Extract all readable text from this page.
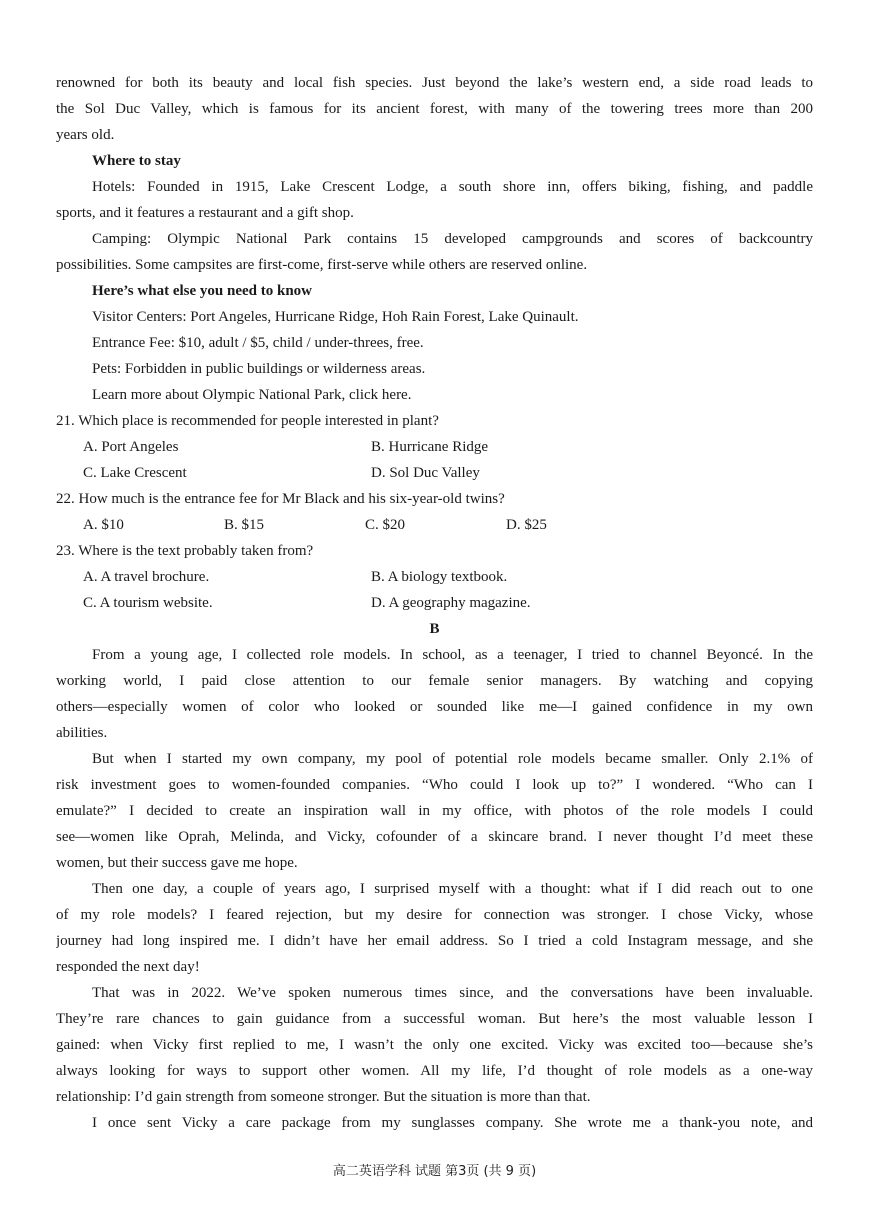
renowned for both its beauty and local fish species. Just beyond the lake’s western end, a side road leads to
the Sol Duc Valley, which is famous for its ancient forest, with many of the towering trees more than 200
years old.
Where to stay
Hotels: Founded in 1915, Lake Crescent Lodge, a south shore inn, offers biking, fishing, and paddle
sports, and it features a restaurant and a gift shop.
Camping: Olympic National Park contains 15 developed campgrounds and scores of backcountry
possibilities. Some campsites are first-come, first-serve while others are reserved online.
Here’s what else you need to know
Visitor Centers: Port Angeles, Hurricane Ridge, Hoh Rain Forest, Lake Quinault.
Entrance Fee: $10, adult / $5, child / under-threes, free.
Pets: Forbidden in public buildings or wilderness areas.
Learn more about Olympic National Park, click here.
21. Which place is recommended for people interested in plant?
A. Port Angeles	B. Hurricane Ridge
C. Lake Crescent	D. Sol Duc Valley
22. How much is the entrance fee for Mr Black and his six-year-old twins?
A. $10	B. $15	C. $20	D. $25
23. Where is the text probably taken from?
A. A travel brochure.	B. A biology textbook.
C. A tourism website.	D. A geography magazine.
B
From a young age, I collected role models. In school, as a teenager, I tried to channel Beyoncé. In the
working world, I paid close attention to our female senior managers. By watching and copying
others—especially women of color who looked or sounded like me—I gained confidence in my own
abilities.
But when I started my own company, my pool of potential role models became smaller. Only 2.1% of
risk investment goes to women-founded companies. “Who could I look up to?” I wondered. “Who can I
emulate?” I decided to create an inspiration wall in my office, with photos of the role models I could
see—women like Oprah, Melinda, and Vicky, cofounder of a skincare brand. I never thought I’d meet these
women, but their success gave me hope.
Then one day, a couple of years ago, I surprised myself with a thought: what if I did reach out to one
of my role models? I feared rejection, but my desire for connection was stronger. I chose Vicky, whose
journey had long inspired me. I didn’t have her email address. So I tried a cold Instagram message, and she
responded the next day!
That was in 2022. We’ve spoken numerous times since, and the conversations have been invaluable.
They’re rare chances to gain guidance from a successful woman. But here’s the most valuable lesson I
gained: when Vicky first replied to me, I wasn’t the only one excited. Vicky was excited too—because she’s
always looking for ways to support other women. All my life, I’d thought of role models as a one-way
relationship: I’d gain strength from someone stronger. But the situation is more than that.
I once sent Vicky a care package from my sunglasses company. She wrote me a thank-you note, and
高二英语学科 试题 第3页 (共 9 页)
